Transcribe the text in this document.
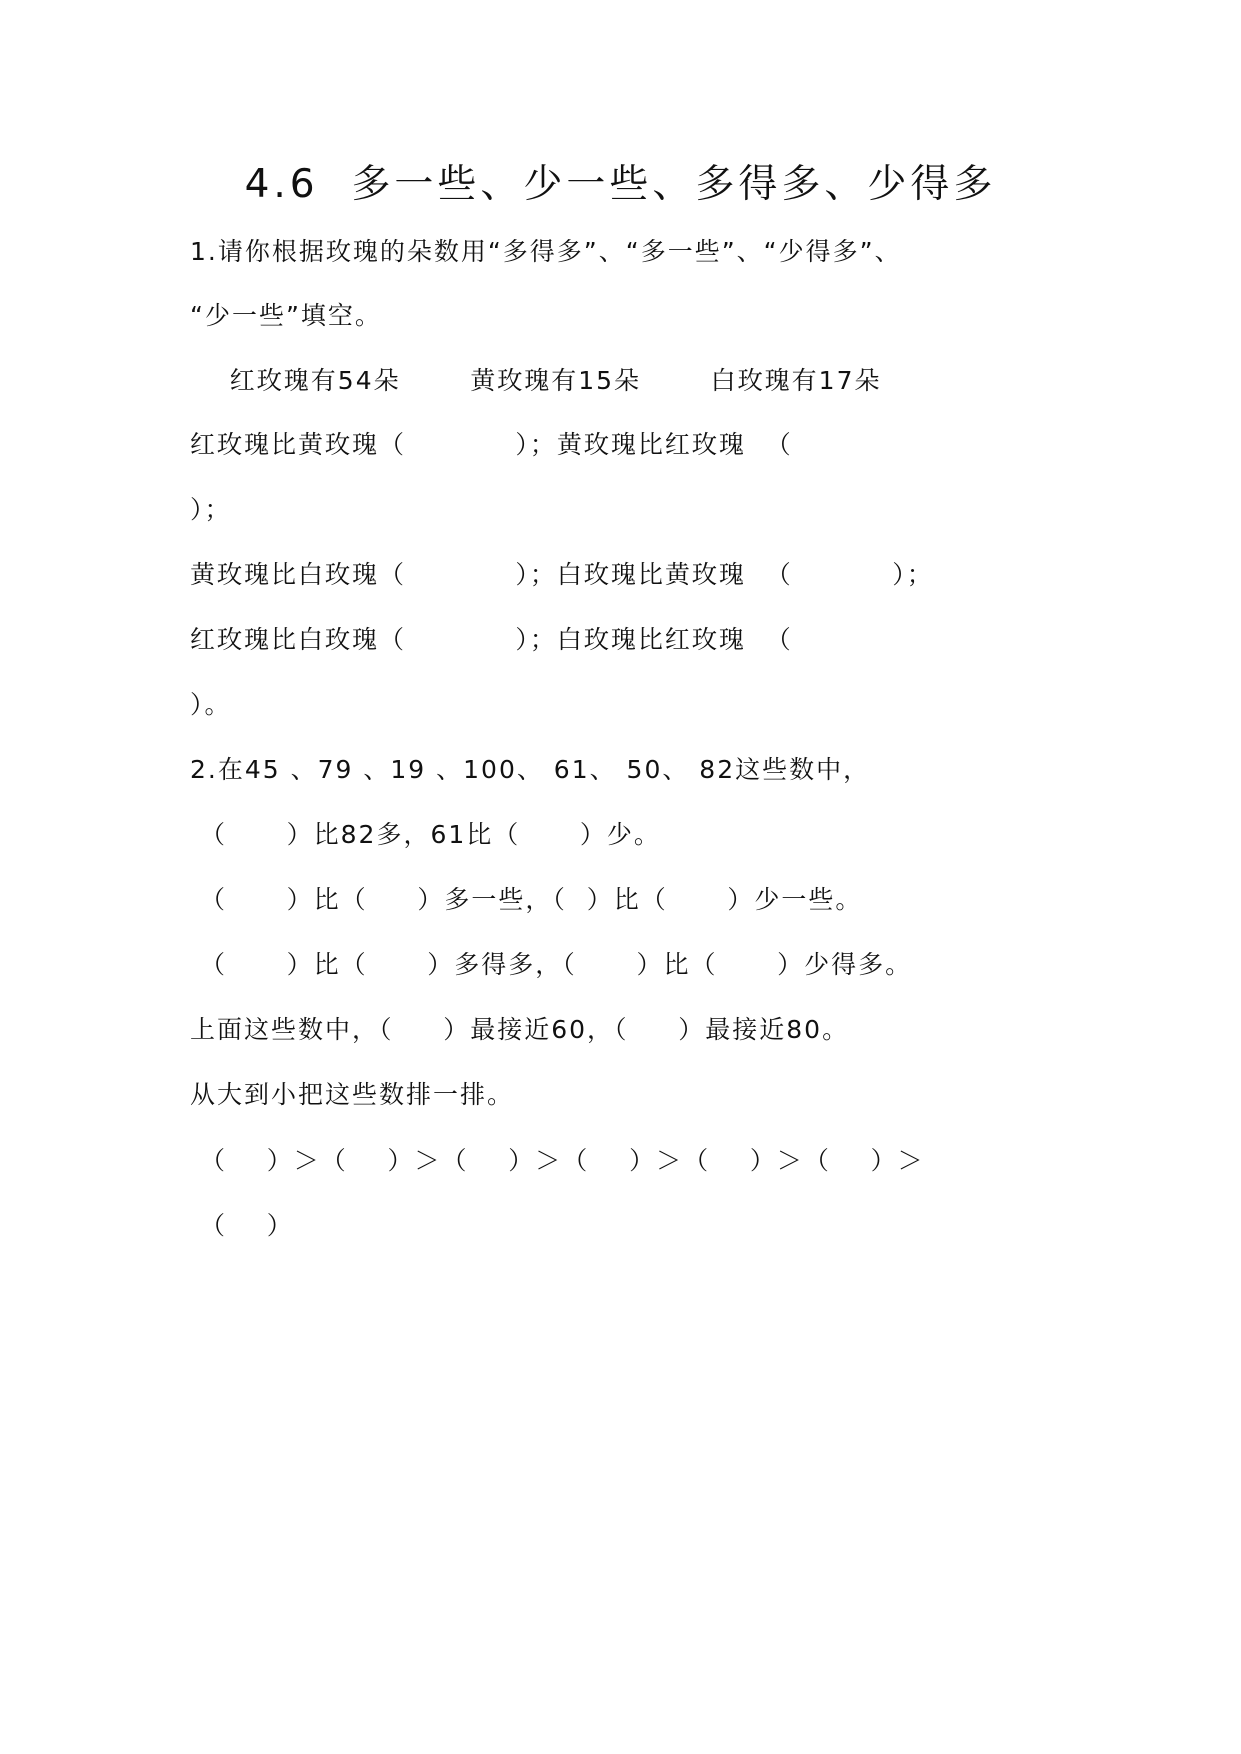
4.6  多一些、少一些、多得多、少得多
1.请你根据玫瑰的朵数用“多得多”、“多一些”、“少得多”、
“少一些”填空。
红玫瑰有54朵       黄玫瑰有15朵       白玫瑰有17朵
红玫瑰比黄玫瑰（           ）；黄玫瑰比红玫瑰  （
）；
黄玫瑰比白玫瑰（           ）；白玫瑰比黄玫瑰  （          ）；
红玫瑰比白玫瑰（           ）；白玫瑰比红玫瑰  （
）。
2.在45 、79 、19 、100、 61、 50、 82这些数中，
（      ）比82多，61比（      ）少。
（      ）比（     ）多一些，（  ）比（      ）少一些。
（      ）比（      ）多得多，（      ）比（      ）少得多。
上面这些数中，（     ）最接近60，（     ）最接近80。
从大到小把这些数排一排。
（    ）＞（    ）＞（    ）＞（    ）＞（    ）＞（    ）＞
（    ）
